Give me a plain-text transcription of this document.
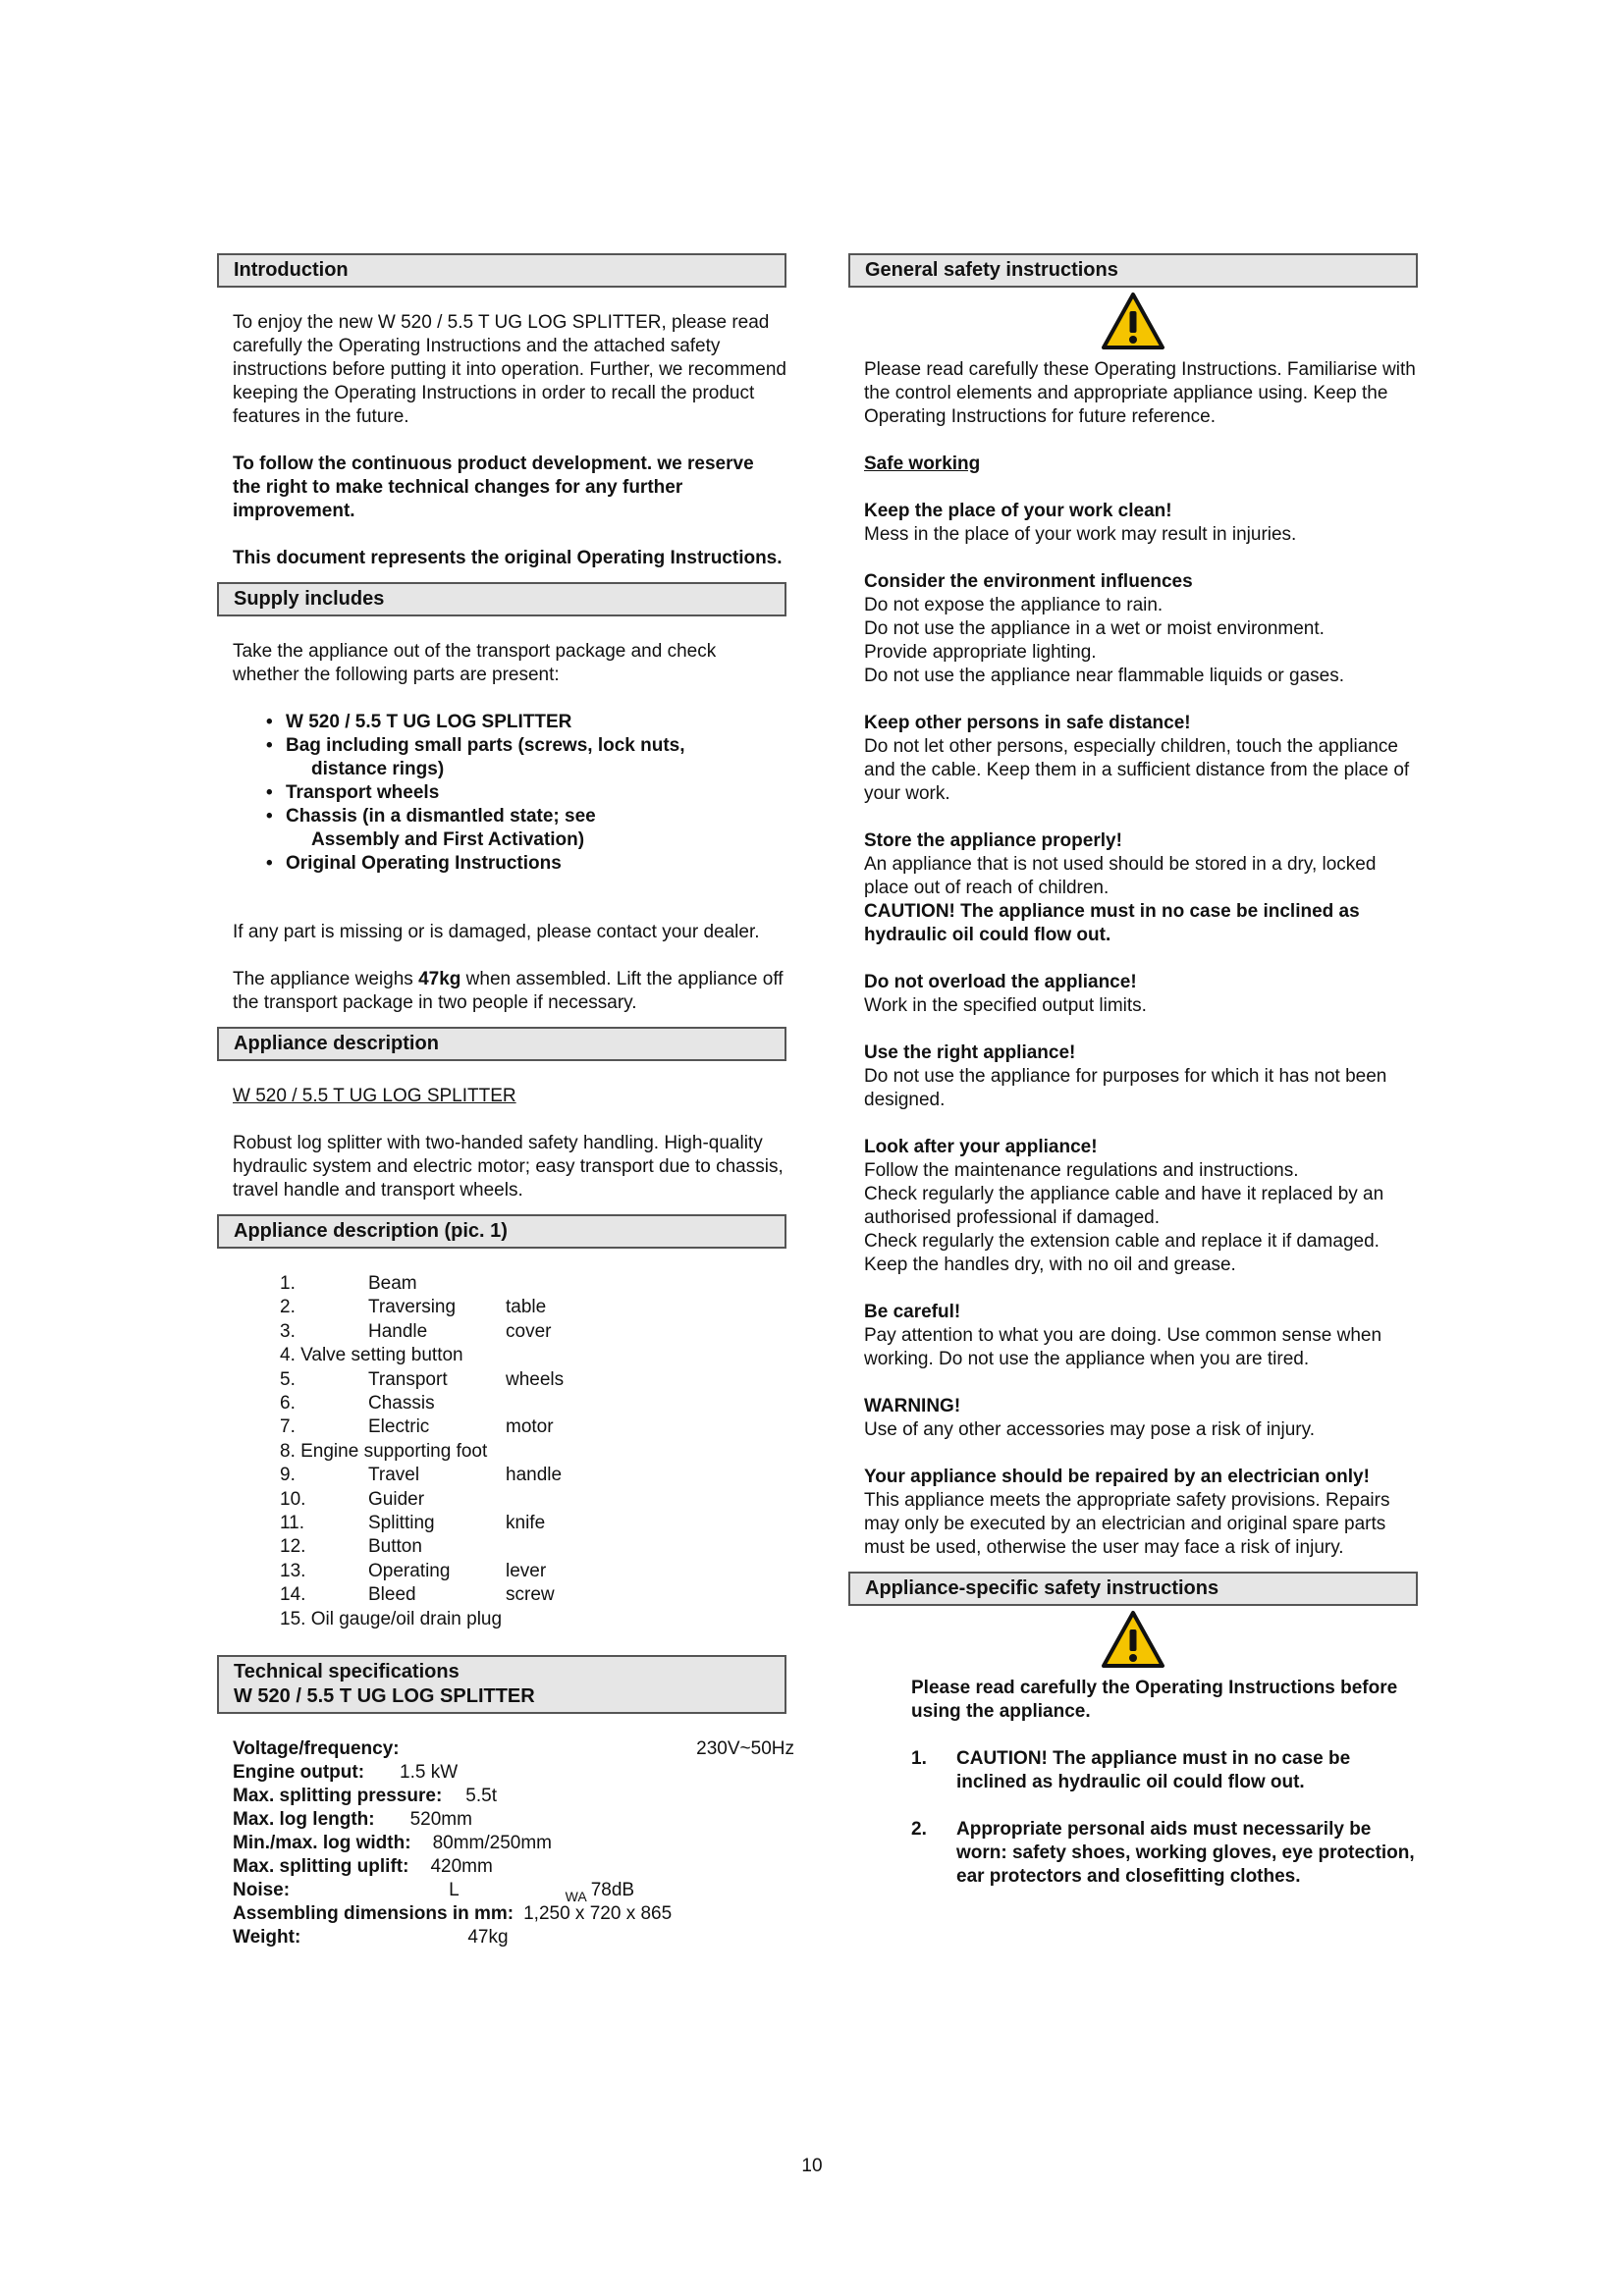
Introduction

To enjoy the new W 520 / 5.5 T UG LOG SPLITTER, please read carefully the Operating Instructions and the attached safety instructions before putting it into operation. Further, we recommend keeping the Operating Instructions in order to recall the product features in the future.

To follow the continuous product development. we reserve the right to make technical changes for any further improvement.

This document represents the original Operating Instructions.

Supply includes

Take the appliance out of the transport package and check whether the following parts are present:

• W 520 / 5.5 T UG LOG SPLITTER
• Bag including small parts (screws, lock nuts,
distance rings)
• Transport wheels
• Chassis (in a dismantled state; see
Assembly and First Activation)
• Original Operating Instructions

If any part is missing or is damaged, please contact your dealer.

The appliance weighs 47kg when assembled. Lift the appliance off the transport package in two people if necessary.

Appliance description

W 520 / 5.5 T UG LOG SPLITTER

Robust log splitter with two-handed safety handling. High-quality hydraulic system and electric motor; easy transport due to chassis, travel handle and transport wheels.

Appliance description (pic. 1)
1.	Beam
2.	Traversing	table
3.	Handle	cover
4. Valve setting button
5.	Transport	wheels
6.	Chassis
7.	Electric	motor
8. Engine supporting foot
9.	Travel	handle
10.	Guider
11.	Splitting	knife
12.	Button
13.	Operating	lever
14.	Bleed	screw
15. Oil gauge/oil drain plug
Technical specifications
W 520 / 5.5 T UG LOG SPLITTER
Voltage/frequency:	230V~50Hz
Engine output: 1.5 kW
Max. splitting pressure: 5.5t
Max. log length: 520mm
Min./max. log width: 80mm/250mm
Max. splitting uplift: 420mm
Noise:	L	WA 78dB
Assembling dimensions in mm: 1,250 x 720 x 865
Weight:	47kg
General safety instructions

Please read carefully these Operating Instructions. Familiarise with the control elements and appropriate appliance using. Keep the Operating Instructions for future reference.

Safe working

Keep the place of your work clean!

Mess in the place of your work may result in injuries.

Consider the environment influences

Do not expose the appliance to rain.
Do not use the appliance in a wet or moist environment.
Provide appropriate lighting.
Do not use the appliance near flammable liquids or gases.

Keep other persons in safe distance!

Do not let other persons, especially children, touch the appliance and the cable. Keep them in a sufficient distance from the place of your work.

Store the appliance properly!

An appliance that is not used should be stored in a dry, locked place out of reach of children.

CAUTION! The appliance must in no case be inclined as hydraulic oil could flow out.

Do not overload the appliance!

Work in the specified output limits.

Use the right appliance!

Do not use the appliance for purposes for which it has not been designed.

Look after your appliance!

Follow the maintenance regulations and instructions.
Check regularly the appliance cable and have it replaced by an authorised professional if damaged.
Check regularly the extension cable and replace it if damaged. Keep the handles dry, with no oil and grease.

Be careful!

Pay attention to what you are doing. Use common sense when working. Do not use the appliance when you are tired.

WARNING!

Use of any other accessories may pose a risk of injury.

Your appliance should be repaired by an electrician only!

This appliance meets the appropriate safety provisions. Repairs may only be executed by an electrician and original spare parts must be used, otherwise the user may face a risk of injury.

Appliance-specific safety instructions

Please read carefully the Operating Instructions before using the appliance.

1.	CAUTION! The appliance must in no case be inclined as hydraulic oil could flow out.
2.	Appropriate personal aids must necessarily be worn: safety shoes, working gloves, eye protection, ear protectors and closefitting clothes.
10
